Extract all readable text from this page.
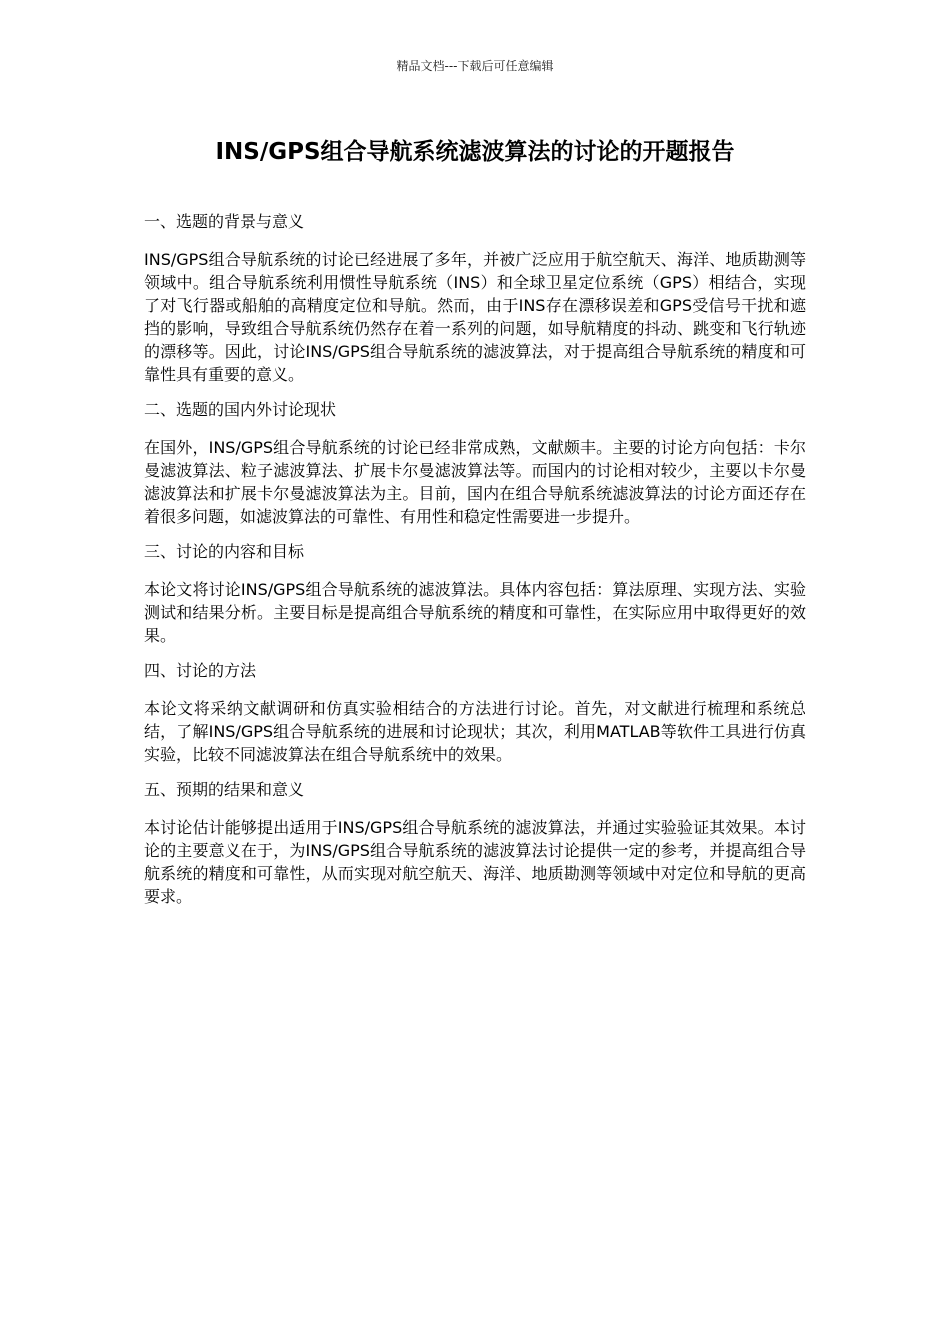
精品文档---下载后可任意编辑
INS/GPS组合导航系统滤波算法的讨论的开题报告

一、选题的背景与意义

INS/GPS组合导航系统的讨论已经进展了多年，并被广泛应用于航空航天、海洋、地质勘测等领域中。组合导航系统利用惯性导航系统（INS）和全球卫星定位系统（GPS）相结合，实现了对飞行器或船舶的高精度定位和导航。然而，由于INS存在漂移误差和GPS受信号干扰和遮挡的影响，导致组合导航系统仍然存在着一系列的问题，如导航精度的抖动、跳变和飞行轨迹的漂移等。因此，讨论INS/GPS组合导航系统的滤波算法，对于提高组合导航系统的精度和可靠性具有重要的意义。

二、选题的国内外讨论现状

在国外，INS/GPS组合导航系统的讨论已经非常成熟，文献颇丰。主要的讨论方向包括：卡尔曼滤波算法、粒子滤波算法、扩展卡尔曼滤波算法等。而国内的讨论相对较少，主要以卡尔曼滤波算法和扩展卡尔曼滤波算法为主。目前，国内在组合导航系统滤波算法的讨论方面还存在着很多问题，如滤波算法的可靠性、有用性和稳定性需要进一步提升。

三、讨论的内容和目标

本论文将讨论INS/GPS组合导航系统的滤波算法。具体内容包括：算法原理、实现方法、实验测试和结果分析。主要目标是提高组合导航系统的精度和可靠性，在实际应用中取得更好的效果。

四、讨论的方法

本论文将采纳文献调研和仿真实验相结合的方法进行讨论。首先，对文献进行梳理和系统总结，了解INS/GPS组合导航系统的进展和讨论现状；其次，利用MATLAB等软件工具进行仿真实验，比较不同滤波算法在组合导航系统中的效果。

五、预期的结果和意义

本讨论估计能够提出适用于INS/GPS组合导航系统的滤波算法，并通过实验验证其效果。本讨论的主要意义在于，为INS/GPS组合导航系统的滤波算法讨论提供一定的参考，并提高组合导航系统的精度和可靠性，从而实现对航空航天、海洋、地质勘测等领域中对定位和导航的更高要求。
